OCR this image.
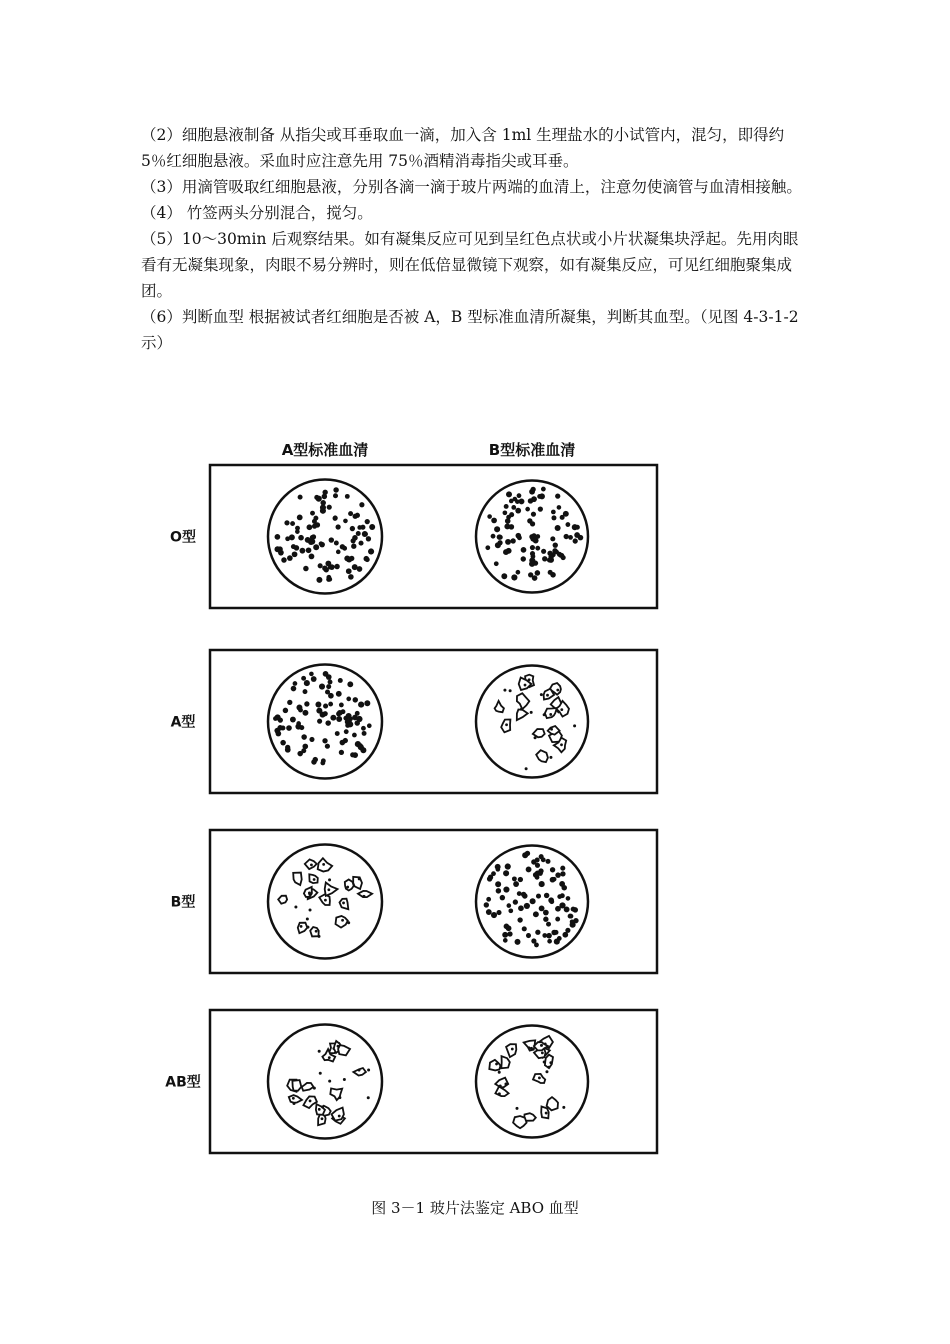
（2）细胞悬液制备 从指尖或耳垂取血一滴，加入含 1ml 生理盐水的小试管内，混匀，即得约 5％红细胞悬液。采血时应注意先用 75％酒精消毒指尖或耳垂。

（3）用滴管吸取红细胞悬液，分别各滴一滴于玻片两端的血清上，注意勿使滴管与血清相接触。

（4） 竹签两头分别混合，搅匀。

（5）10～30min 后观察结果。如有凝集反应可见到呈红色点状或小片状凝集块浮起。先用肉眼看有无凝集现象，肉眼不易分辨时，则在低倍显微镜下观察，如有凝集反应，可见红细胞聚集成团。

（6）判断血型 根据被试者红细胞是否被 A，B 型标准血清所凝集，判断其血型。（见图 4-3-1-2 示）

A型标准血清	B型标准血清
O型
A型
B型
AB型
图 3－1 玻片法鉴定 ABO 血型
